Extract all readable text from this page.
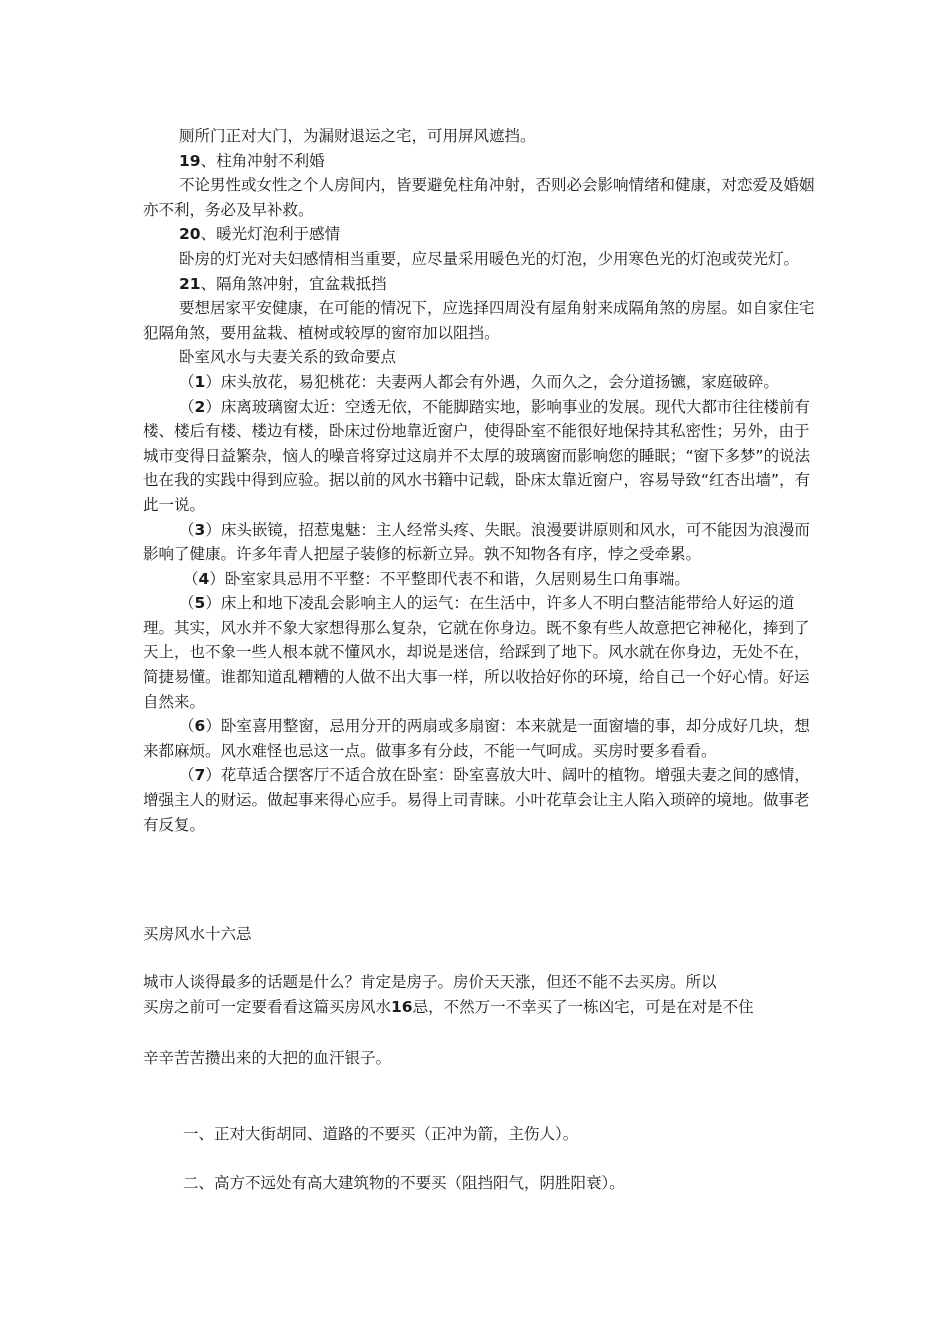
厕所门正对大门，为漏财退运之宅，可用屏风遮挡。

19、柱角冲射不利婚

不论男性或女性之个人房间内，皆要避免柱角冲射，否则必会影响情绪和健康，对恋爱及婚姻亦不利，务必及早补救。

20、暖光灯泡利于感情

卧房的灯光对夫妇感情相当重要，应尽量采用暖色光的灯泡，少用寒色光的灯泡或荧光灯。

21、隔角煞冲射，宜盆栽抵挡

要想居家平安健康，在可能的情况下，应选择四周没有屋角射来成隔角煞的房屋。如自家住宅犯隔角煞，要用盆栽、植树或较厚的窗帘加以阻挡。

卧室风水与夫妻关系的致命要点

（1）床头放花，易犯桃花：夫妻两人都会有外遇，久而久之，会分道扬镳，家庭破碎。

（2）床离玻璃窗太近：空透无依，不能脚踏实地，影响事业的发展。现代大都市往往楼前有楼、楼后有楼、楼边有楼，卧床过份地靠近窗户，使得卧室不能很好地保持其私密性；另外，由于城市变得日益繁杂，恼人的噪音将穿过这扇并不太厚的玻璃窗而影响您的睡眠；“窗下多梦”的说法也在我的实践中得到应验。据以前的风水书籍中记载，卧床太靠近窗户，容易导致“红杏出墙”，有此一说。

（3）床头嵌镜，招惹鬼魅：主人经常头疼、失眠。浪漫要讲原则和风水，可不能因为浪漫而影响了健康。许多年青人把屋子装修的标新立异。孰不知物各有序，悖之受牵累。

（4）卧室家具忌用不平整：不平整即代表不和谐，久居则易生口角事端。

（5）床上和地下凌乱会影响主人的运气：在生活中，许多人不明白整洁能带给人好运的道理。其实，风水并不象大家想得那么复杂，它就在你身边。既不象有些人故意把它神秘化，捧到了天上，也不象一些人根本就不懂风水，却说是迷信，给踩到了地下。风水就在你身边，无处不在，简捷易懂。谁都知道乱糟糟的人做不出大事一样，所以收拾好你的环境，给自己一个好心情。好运自然来。

（6）卧室喜用整窗，忌用分开的两扇或多扇窗：本来就是一面窗墙的事，却分成好几块，想来都麻烦。风水难怪也忌这一点。做事多有分歧，不能一气呵成。买房时要多看看。

（7）花草适合摆客厅不适合放在卧室：卧室喜放大叶、阔叶的植物。增强夫妻之间的感情，增强主人的财运。做起事来得心应手。易得上司青睐。小叶花草会让主人陷入琐碎的境地。做事老有反复。

买房风水十六忌

城市人谈得最多的话题是什么？肯定是房子。房价天天涨，但还不能不去买房。所以
买房之前可一定要看看这篇买房风水16忌，不然万一不幸买了一栋凶宅，可是在对是不住

辛辛苦苦攒出来的大把的血汗银子。

一、正对大街胡同、道路的不要买（正冲为箭，主伤人）。

二、高方不远处有高大建筑物的不要买（阻挡阳气，阴胜阳衰）。
